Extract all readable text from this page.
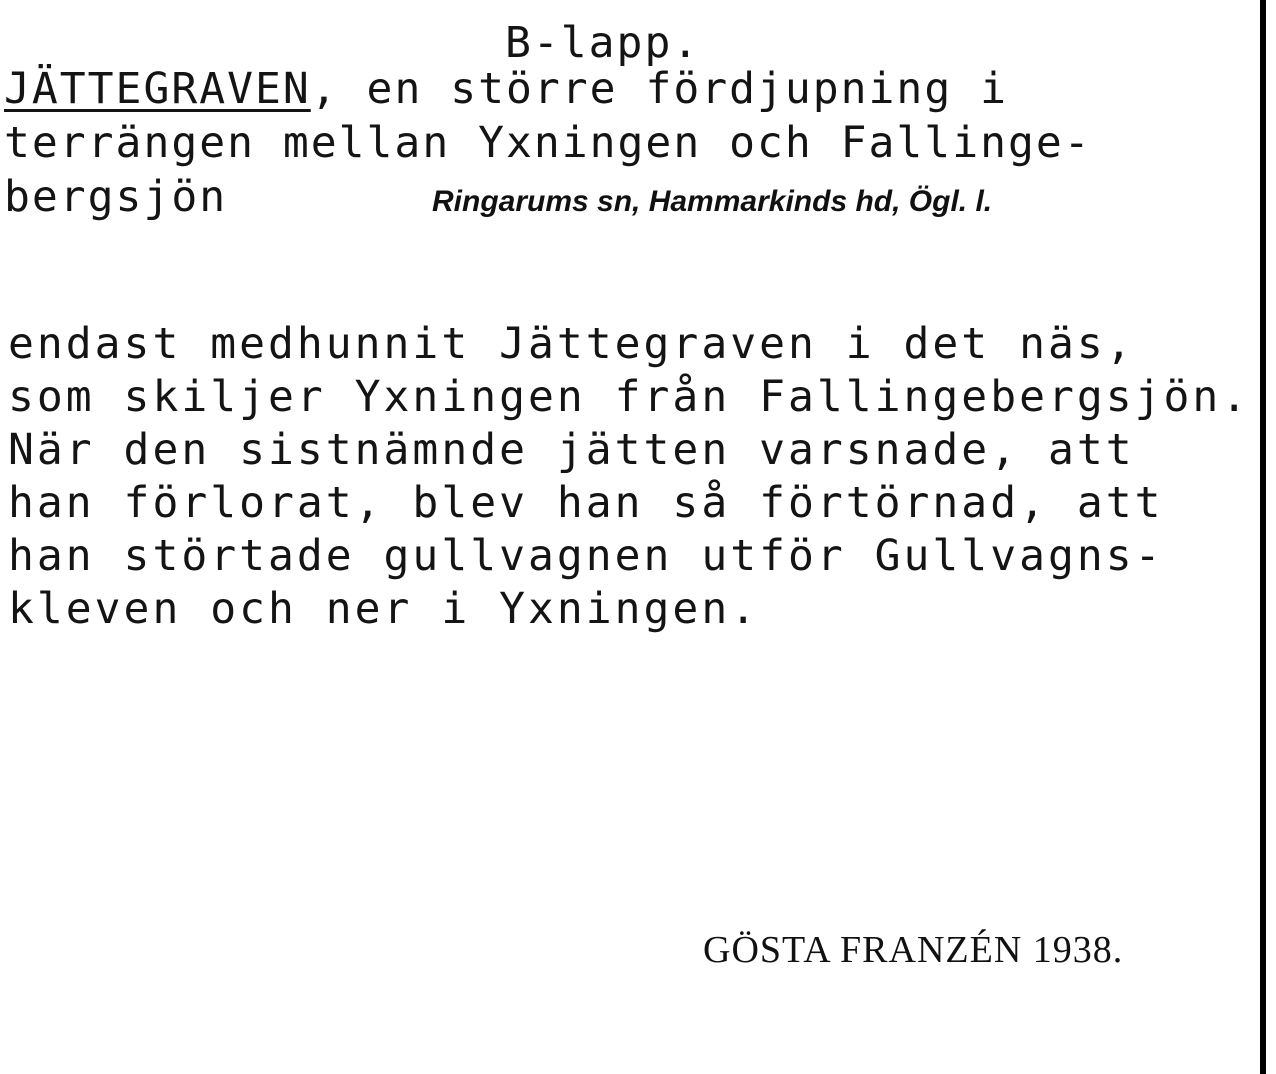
B-lapp.
JÄTTEGRAVEN, en större fördjupning i
terrängen mellan Yxningen och Fallinge-
bergsjön	Ringarums sn, Hammarkinds hd, Ögl. l.
endast medhunnit Jättegraven i det näs,
som skiljer Yxningen från Fallingebergsjön.
När den sistnämnde jätten varsnade, att
han förlorat, blev han så förtörnad, att
han störtade gullvagnen utför Gullvagns-
kleven och ner i Yxningen.
GÖSTA FRANZÉN 1938.
